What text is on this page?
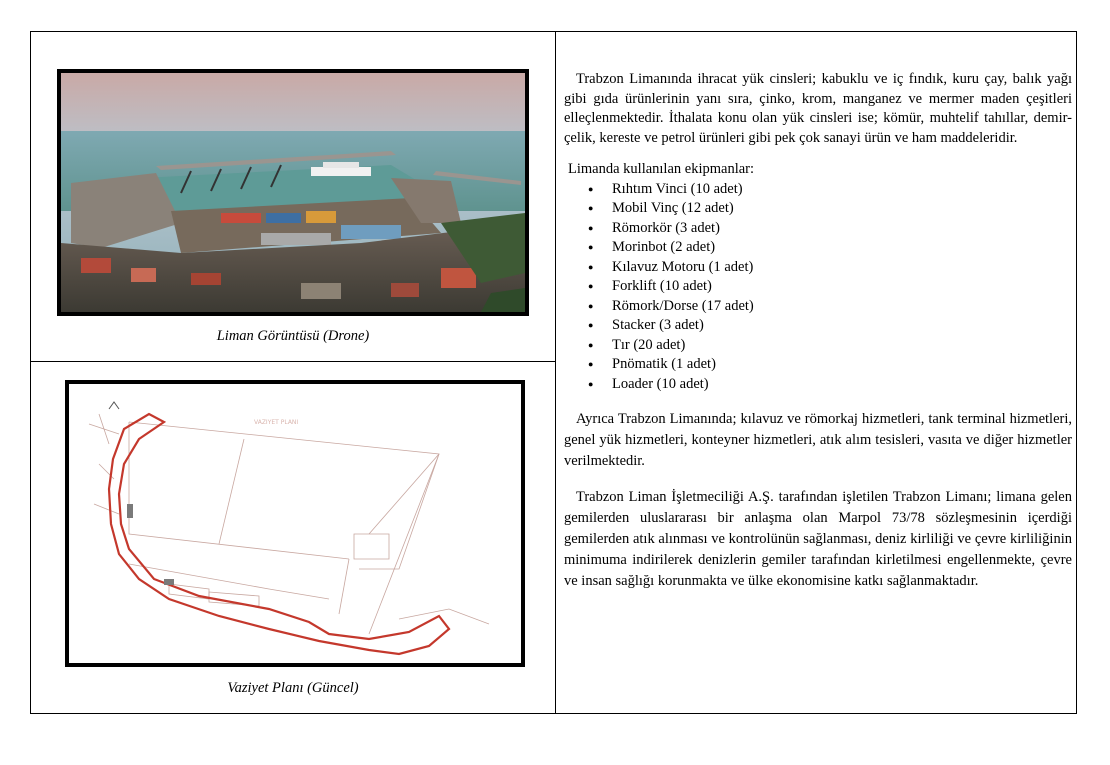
Liman Görüntüsü (Drone)
VAZIYET PLANI
Vaziyet Planı (Güncel)

Trabzon Limanında ihracat yük cinsleri; kabuklu ve iç fındık, kuru çay, balık yağı gibi gıda ürünlerinin yanı sıra, çinko, krom, manganez ve mermer maden çeşitleri elleçlenmektedir. İthalata konu olan yük cinsleri ise; kömür, muhtelif tahıllar, demir-çelik, kereste ve petrol ürünleri gibi pek çok sanayi ürün ve ham maddeleridir.

Limanda kullanılan ekipmanlar:
● Rıhtım Vinci (10 adet)
● Mobil Vinç (12 adet)
● Römorkör (3 adet)
● Morinbot (2 adet)
● Kılavuz Motoru (1 adet)
● Forklift (10 adet)
● Römork/Dorse (17 adet)
● Stacker (3 adet)
● Tır (20 adet)
● Pnömatik (1 adet)
● Loader (10 adet)

Ayrıca Trabzon Limanında; kılavuz ve römorkaj hizmetleri, tank terminal hizmetleri, genel yük hizmetleri, konteyner hizmetleri, atık alım tesisleri, vasıta ve diğer hizmetler verilmektedir.

Trabzon Liman İşletmeciliği A.Ş. tarafından işletilen Trabzon Limanı; limana gelen gemilerden uluslararası bir anlaşma olan Marpol 73/78 sözleşmesinin içerdiği gemilerden atık alınması ve kontrolünün sağlanması, deniz kirliliği ve çevre kirliliğinin minimuma indirilerek denizlerin gemiler tarafından kirletilmesi engellenmekte, çevre ve insan sağlığı korunmakta ve ülke ekonomisine katkı sağlanmaktadır.
